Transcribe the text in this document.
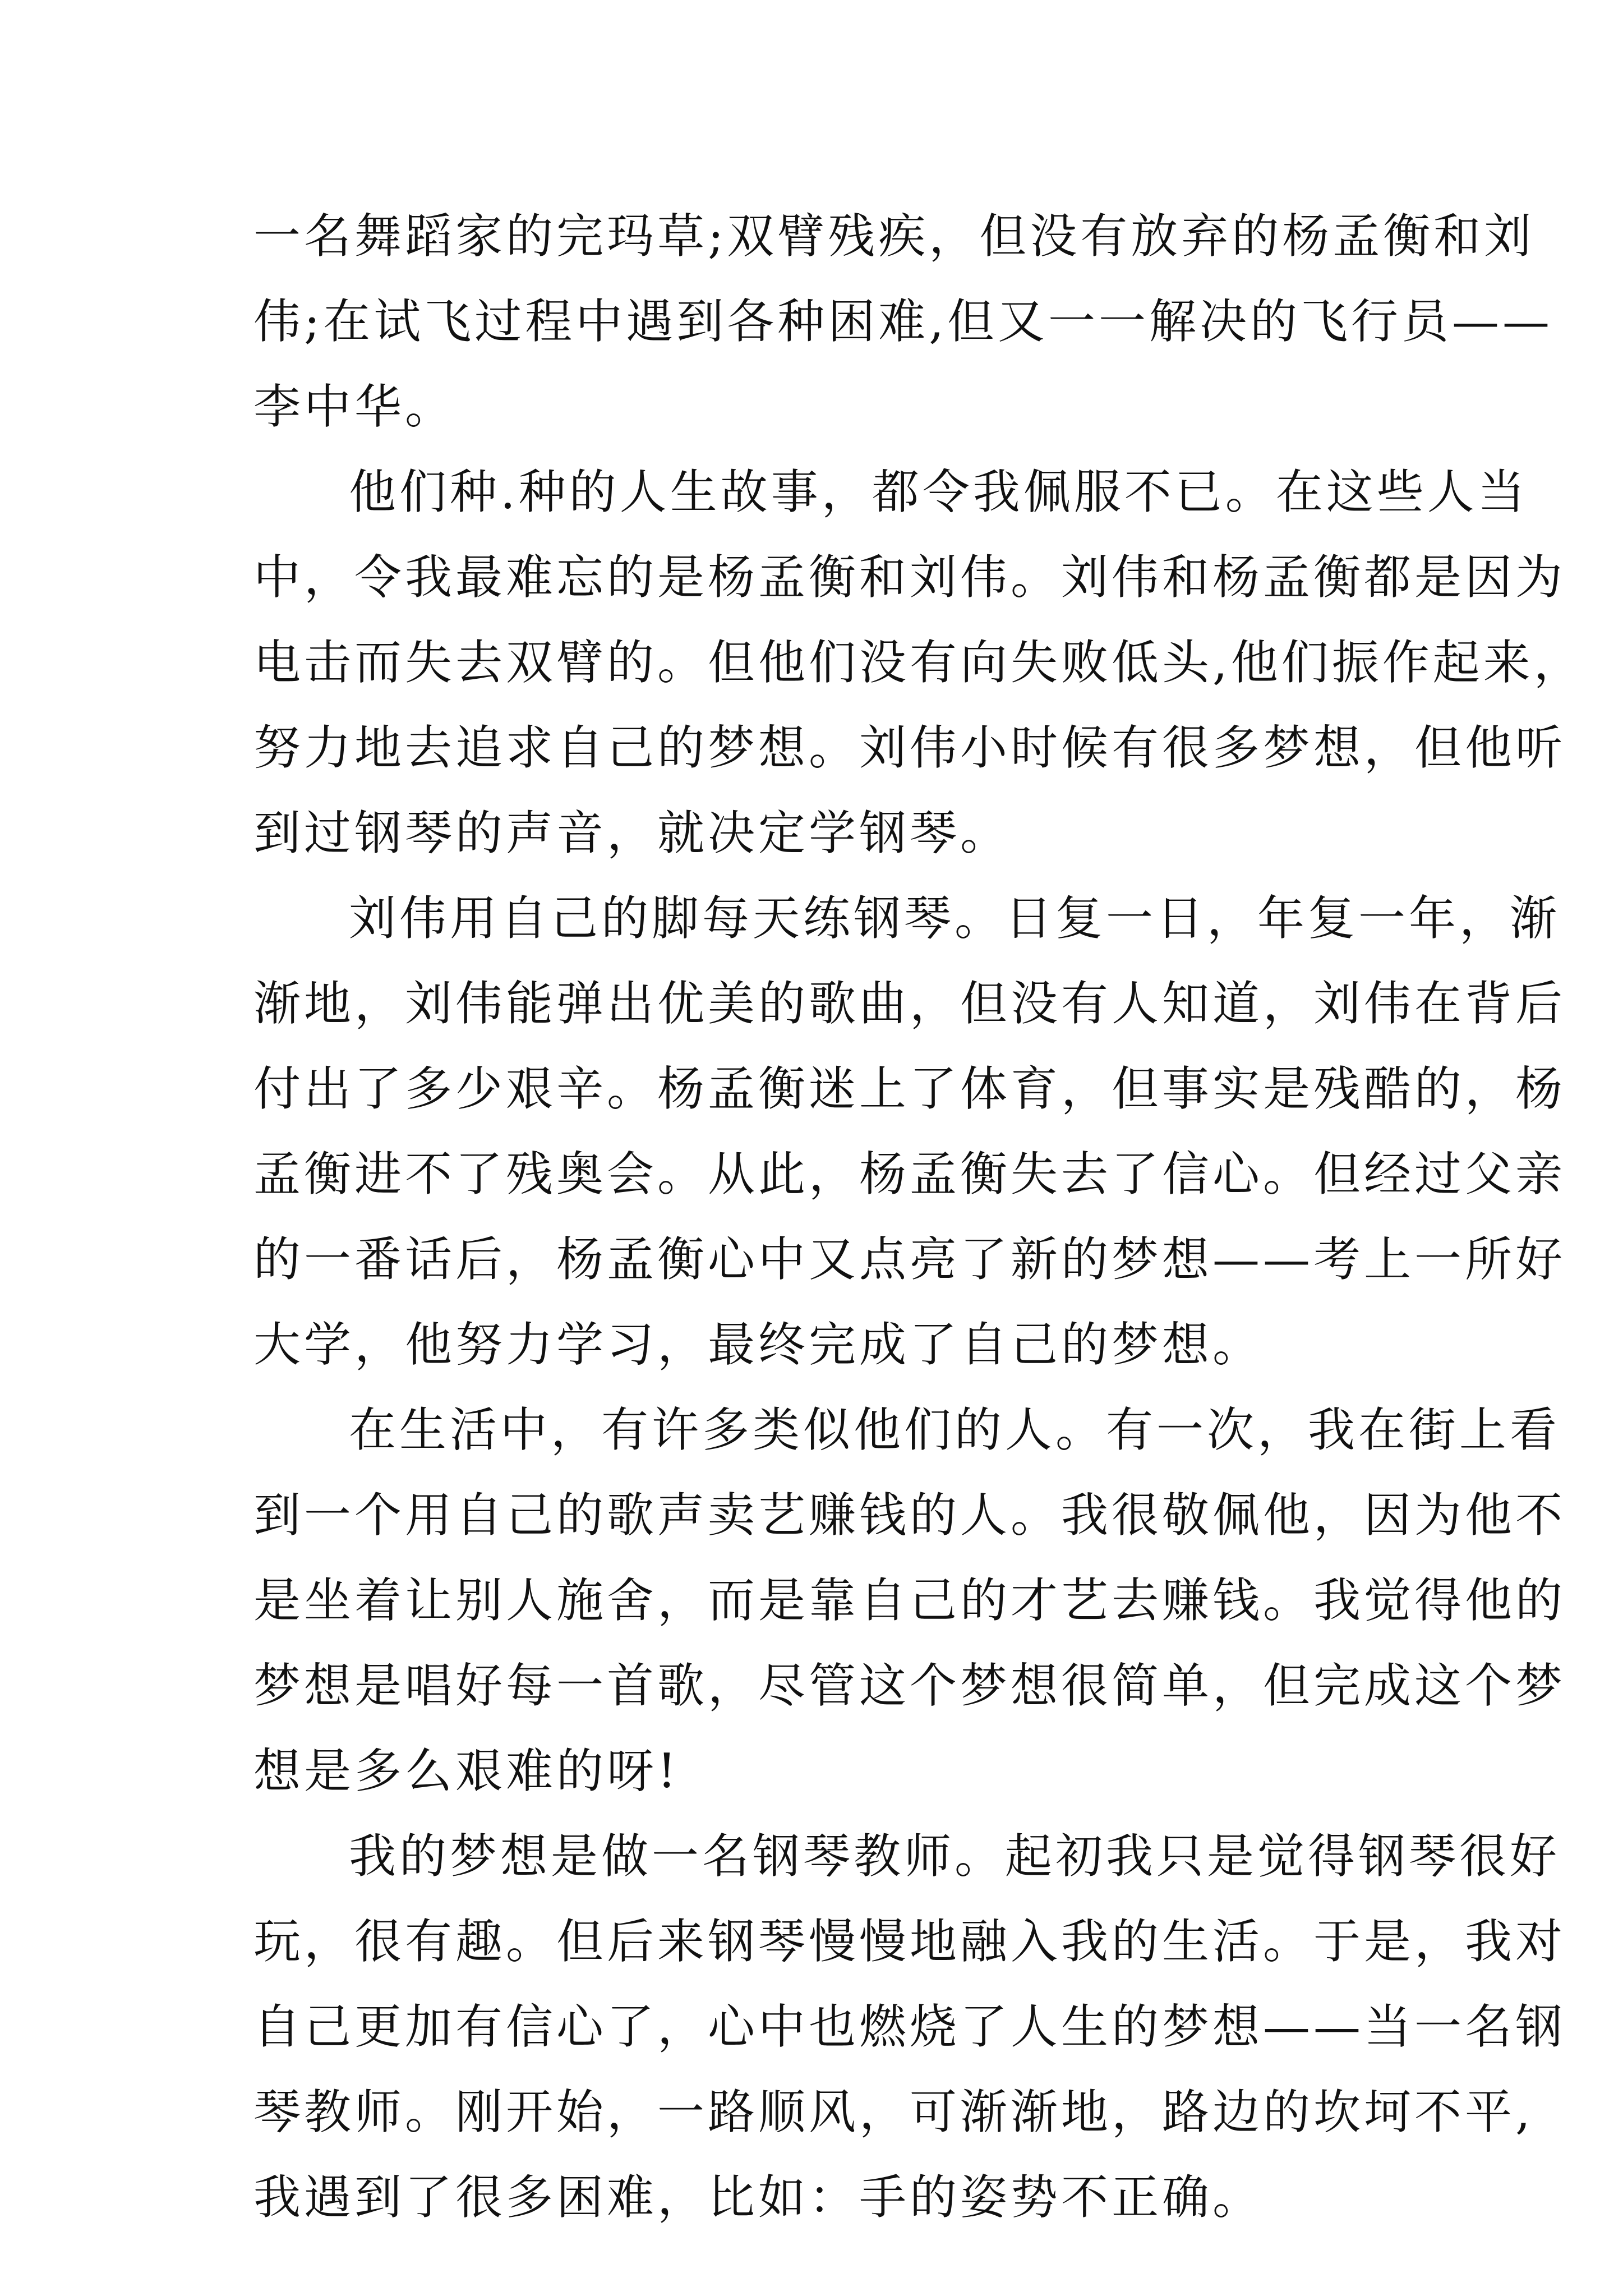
一名舞蹈家的完玛草;双臂残疾，但没有放弃的杨孟衡和刘
伟;在试飞过程中遇到各种困难,但又一一解决的飞行员——
李中华。
他们种.种的人生故事，都令我佩服不已。在这些人当
中，令我最难忘的是杨孟衡和刘伟。刘伟和杨孟衡都是因为
电击而失去双臂的。但他们没有向失败低头,他们振作起来，
努力地去追求自己的梦想。刘伟小时候有很多梦想，但他听
到过钢琴的声音，就决定学钢琴。
刘伟用自己的脚每天练钢琴。日复一日，年复一年，渐
渐地，刘伟能弹出优美的歌曲，但没有人知道，刘伟在背后
付出了多少艰辛。杨孟衡迷上了体育，但事实是残酷的，杨
孟衡进不了残奥会。从此，杨孟衡失去了信心。但经过父亲
的一番话后，杨孟衡心中又点亮了新的梦想——考上一所好
大学，他努力学习，最终完成了自己的梦想。
在生活中，有许多类似他们的人。有一次，我在街上看
到一个用自己的歌声卖艺赚钱的人。我很敬佩他，因为他不
是坐着让别人施舍，而是靠自己的才艺去赚钱。我觉得他的
梦想是唱好每一首歌，尽管这个梦想很简单，但完成这个梦
想是多么艰难的呀!
我的梦想是做一名钢琴教师。起初我只是觉得钢琴很好
玩，很有趣。但后来钢琴慢慢地融入我的生活。于是，我对
自己更加有信心了，心中也燃烧了人生的梦想——当一名钢
琴教师。刚开始，一路顺风，可渐渐地，路边的坎坷不平,
我遇到了很多困难，比如：手的姿势不正确。
